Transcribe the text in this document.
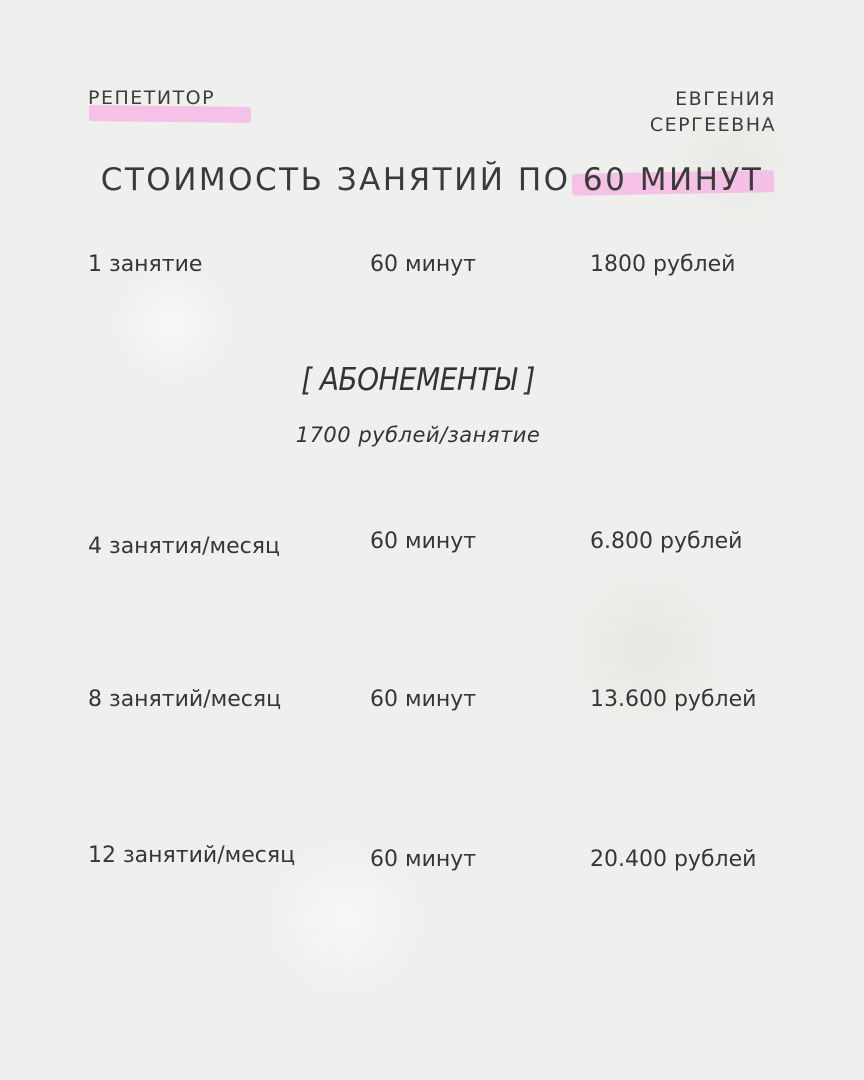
РЕПЕТИТОР	ЕВГЕНИЯ
СЕРГЕЕВНА
СТОИМОСТЬ ЗАНЯТИЙ ПО 60 МИНУТ
1 занятие	60 минут	1800 рублей
[ АБОНЕМЕНТЫ ]
1700 рублей/занятие
4 занятия/месяц	60 минут	6.800 рублей
8 занятий/месяц	60 минут	13.600 рублей
12 занятий/месяц	60 минут	20.400 рублей
